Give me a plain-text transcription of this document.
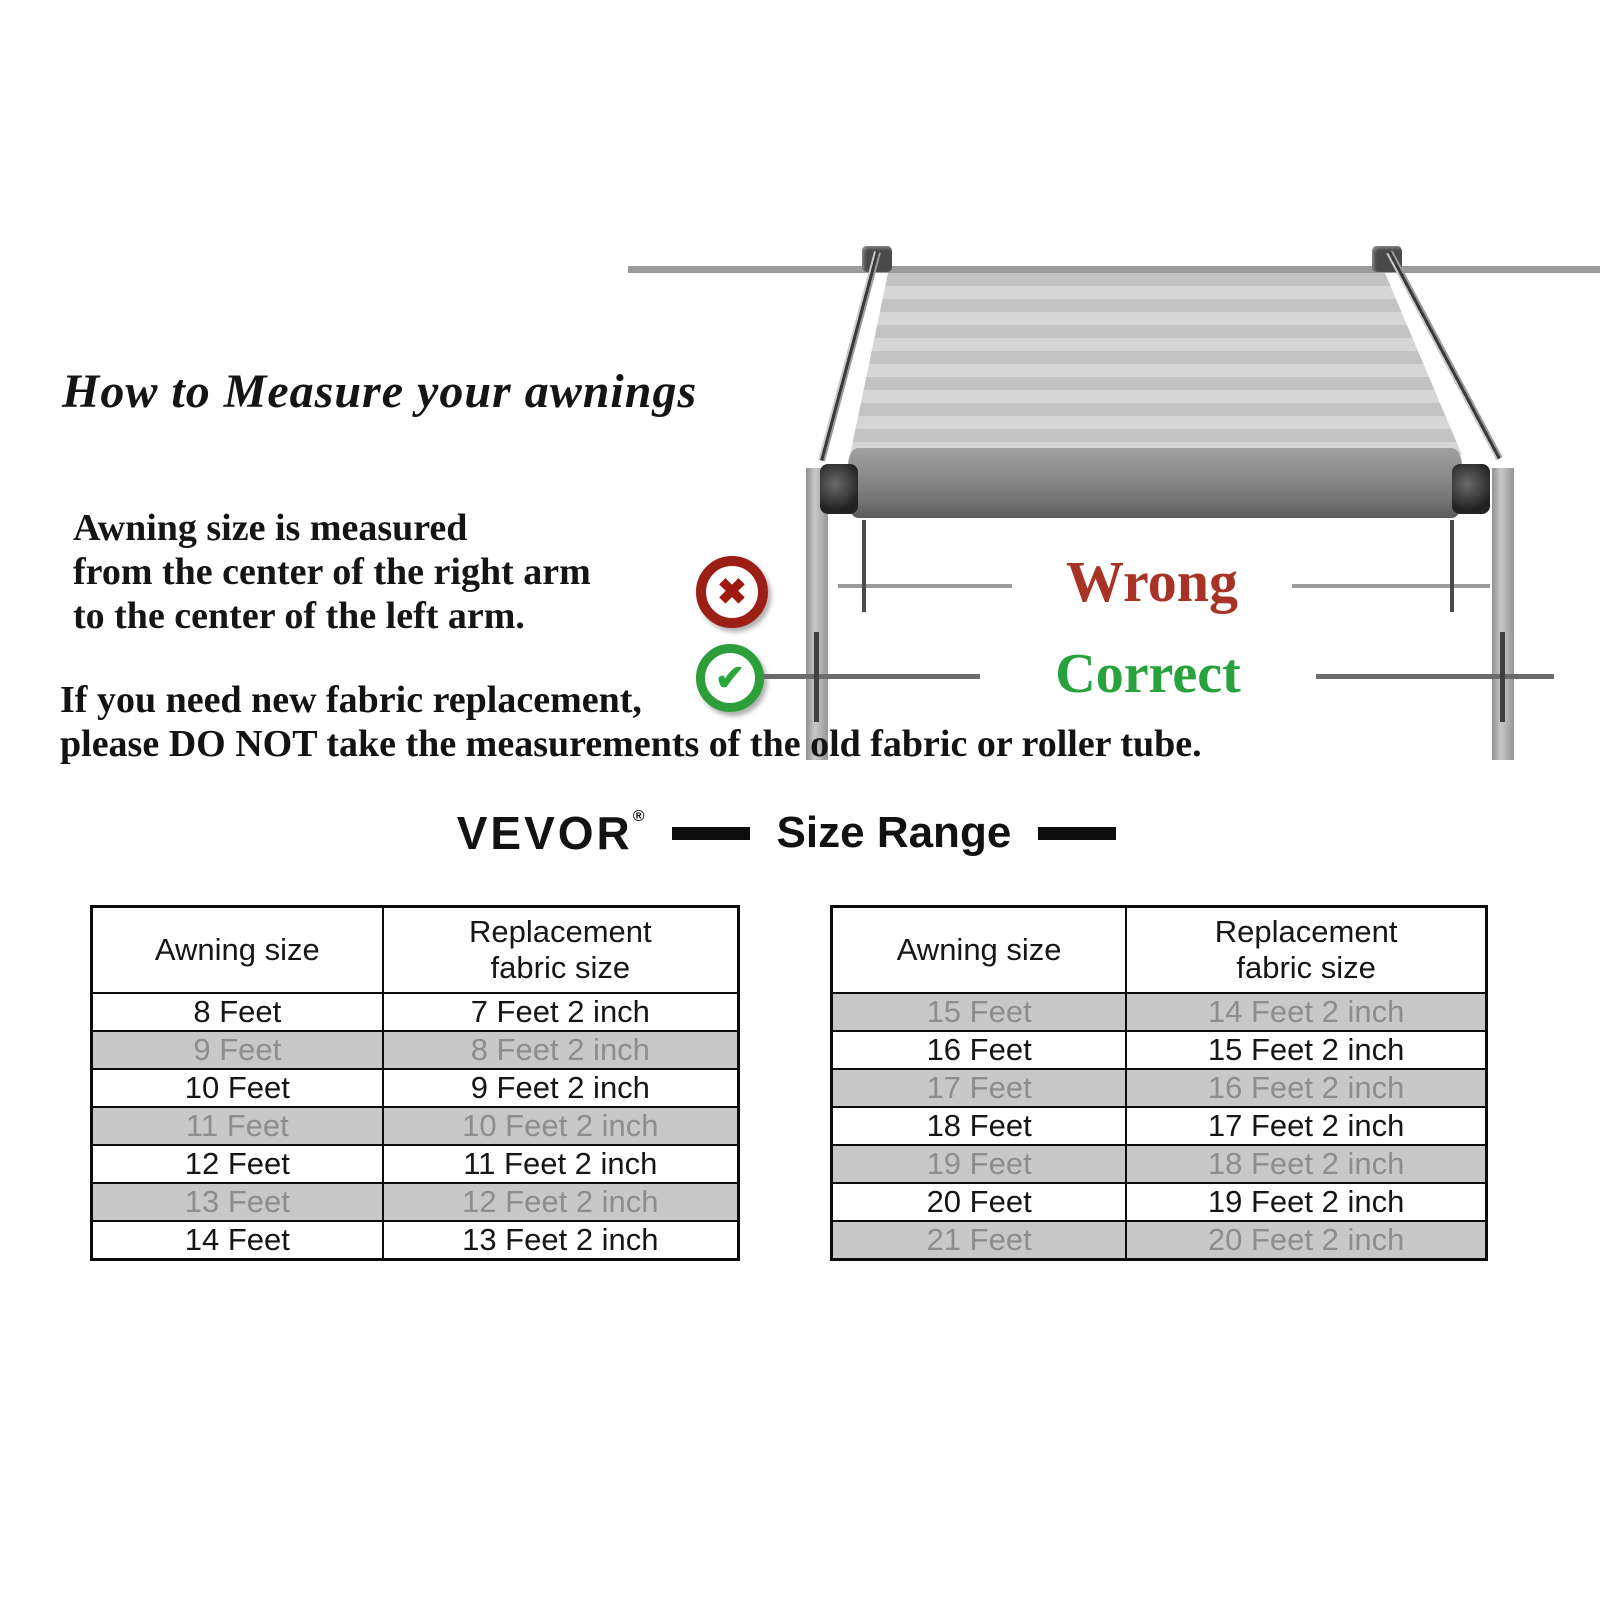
How to Measure your awnings
Awning size is measured
from the center of the right arm
to the center of the left arm.
If you need new fabric replacement,
please DO NOT take the measurements of the old fabric or roller tube.
Wrong
Correct
✖
✔
VEVOR®	Size Range
Awning size	Replacement fabric size
8 Feet	7 Feet 2 inch
9 Feet	8 Feet 2 inch
10 Feet	9 Feet 2 inch
11 Feet	10 Feet 2 inch
12 Feet	11 Feet 2 inch
13 Feet	12 Feet 2 inch
14 Feet	13 Feet 2 inch
Awning size	Replacement fabric size
15 Feet	14 Feet 2 inch
16 Feet	15 Feet 2 inch
17 Feet	16 Feet 2 inch
18 Feet	17 Feet 2 inch
19 Feet	18 Feet 2 inch
20 Feet	19 Feet 2 inch
21 Feet	20 Feet 2 inch
